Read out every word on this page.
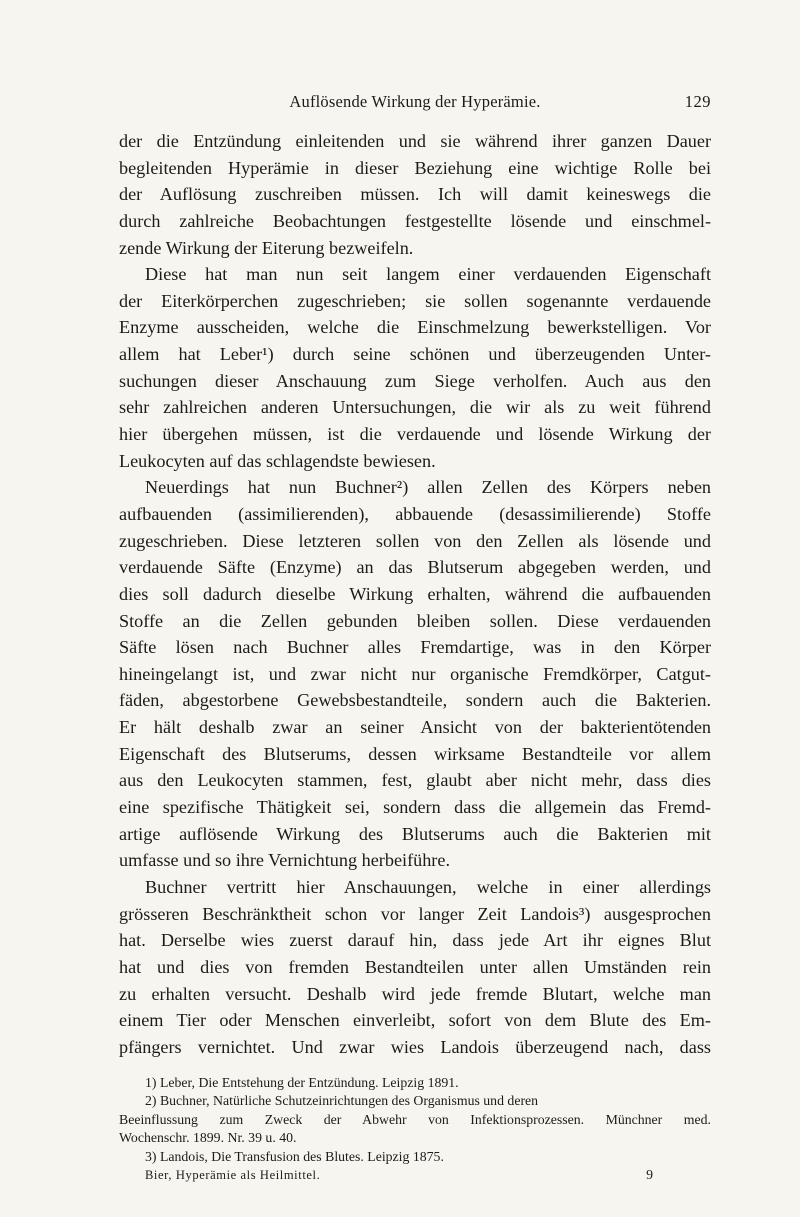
Auflösende Wirkung der Hyperämie.	129
der die Entzündung einleitenden und sie während ihrer ganzen Dauer
begleitenden Hyperämie in dieser Beziehung eine wichtige Rolle bei
der Auflösung zuschreiben müssen. Ich will damit keineswegs die
durch zahlreiche Beobachtungen festgestellte lösende und einschmel-
zende Wirkung der Eiterung bezweifeln.
Diese hat man nun seit langem einer verdauenden Eigenschaft
der Eiterkörperchen zugeschrieben; sie sollen sogenannte verdauende
Enzyme ausscheiden, welche die Einschmelzung bewerkstelligen. Vor
allem hat Leber¹) durch seine schönen und überzeugenden Unter-
suchungen dieser Anschauung zum Siege verholfen. Auch aus den
sehr zahlreichen anderen Untersuchungen, die wir als zu weit führend
hier übergehen müssen, ist die verdauende und lösende Wirkung der
Leukocyten auf das schlagendste bewiesen.
Neuerdings hat nun Buchner²) allen Zellen des Körpers neben
aufbauenden (assimilierenden), abbauende (desassimilierende) Stoffe
zugeschrieben. Diese letzteren sollen von den Zellen als lösende und
verdauende Säfte (Enzyme) an das Blutserum abgegeben werden, und
dies soll dadurch dieselbe Wirkung erhalten, während die aufbauenden
Stoffe an die Zellen gebunden bleiben sollen. Diese verdauenden
Säfte lösen nach Buchner alles Fremdartige, was in den Körper
hineingelangt ist, und zwar nicht nur organische Fremdkörper, Catgut-
fäden, abgestorbene Gewebsbestandteile, sondern auch die Bakterien.
Er hält deshalb zwar an seiner Ansicht von der bakterientötenden
Eigenschaft des Blutserums, dessen wirksame Bestandteile vor allem
aus den Leukocyten stammen, fest, glaubt aber nicht mehr, dass dies
eine spezifische Thätigkeit sei, sondern dass die allgemein das Fremd-
artige auflösende Wirkung des Blutserums auch die Bakterien mit
umfasse und so ihre Vernichtung herbeiführe.
Buchner vertritt hier Anschauungen, welche in einer allerdings
grösseren Beschränktheit schon vor langer Zeit Landois³) ausgesprochen
hat. Derselbe wies zuerst darauf hin, dass jede Art ihr eignes Blut
hat und dies von fremden Bestandteilen unter allen Umständen rein
zu erhalten versucht. Deshalb wird jede fremde Blutart, welche man
einem Tier oder Menschen einverleibt, sofort von dem Blute des Em-
pfängers vernichtet. Und zwar wies Landois überzeugend nach, dass
1) Leber, Die Entstehung der Entzündung. Leipzig 1891.
2) Buchner, Natürliche Schutzeinrichtungen des Organismus und deren
Beeinflussung zum Zweck der Abwehr von Infektionsprozessen. Münchner med.
Wochenschr. 1899. Nr. 39 u. 40.
3) Landois, Die Transfusion des Blutes. Leipzig 1875.
Bier, Hyperämie als Heilmittel.	9
